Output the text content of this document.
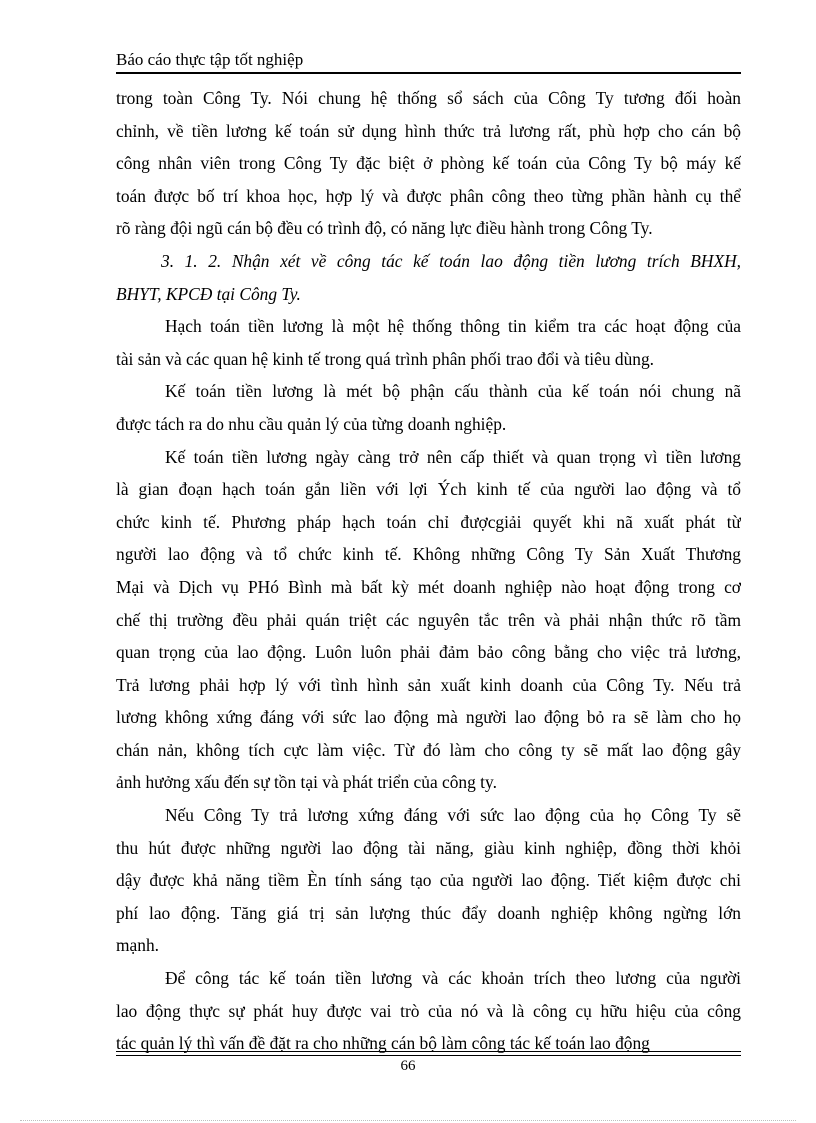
Báo cáo thực tập tốt nghiệp
trong toàn Công Ty. Nói chung hệ thống sổ sách của Công Ty tương đối hoàn
chỉnh, về tiền lương kế toán sử dụng hình thức trả lương rất, phù hợp cho cán bộ
công nhân viên trong Công Ty đặc biệt ở phòng kế toán của Công Ty bộ máy kế
toán được bố trí khoa học, hợp lý và được phân công theo từng phần hành cụ thể
rõ ràng đội ngũ cán bộ đều có trình độ, có năng lực điều hành trong Công Ty.
3. 1. 2. Nhận xét về công tác kế toán lao động tiền lương trích BHXH,
BHYT, KPCĐ tại Công Ty.
Hạch toán tiền lương là một hệ thống thông tin kiểm tra các hoạt động của
tài sản và các quan hệ kinh tế trong quá trình phân phối trao đổi và tiêu dùng.
Kế toán tiền lương là mét bộ phận cấu thành của kế toán nói chung nã
được tách ra do nhu cầu quản lý của từng doanh nghiệp.
Kế toán tiền lương ngày càng trở nên cấp thiết và quan trọng vì tiền lương
là gian đoạn hạch toán gắn liền với lợi Ých kinh tế của người lao động và tổ
chức kinh tế. Phương pháp hạch toán chỉ đượcgiải quyết khi nã xuất phát từ
người lao động và tổ chức kinh tế. Không những Công Ty Sản Xuất Thương
Mại và Dịch vụ PHó Bình mà bất kỳ mét doanh nghiệp nào hoạt động trong cơ
chế thị trường đều phải quán triệt các nguyên tắc trên và phải nhận thức rõ tầm
quan trọng của lao động. Luôn luôn phải đảm bảo công bằng cho việc trả lương,
Trả lương phải hợp lý với tình hình sản xuất kinh doanh của Công Ty. Nếu trả
lương không xứng đáng với sức lao động mà người lao động bỏ ra sẽ làm cho họ
chán nản, không tích cực làm việc. Từ đó làm cho công ty sẽ mất lao động gây
ảnh hưởng xấu đến sự tồn tại và phát triển của công ty.
Nếu Công Ty trả lương xứng đáng với sức lao động của họ Công Ty sẽ
thu hút được những người lao động tài năng, giàu kinh nghiệp, đồng thời khỏi
dậy được khả năng tiềm Èn tính sáng tạo của người lao động. Tiết kiệm được chi
phí lao động. Tăng giá trị sản lượng thúc đẩy doanh nghiệp không ngừng lớn
mạnh.
Để công tác kế toán tiền lương và các khoản trích theo lương của người
lao động thực sự phát huy được vai trò của nó và là công cụ hữu hiệu của công
tác quản lý thì vấn đề đặt ra cho những cán bộ làm công tác kế toán lao động
66
